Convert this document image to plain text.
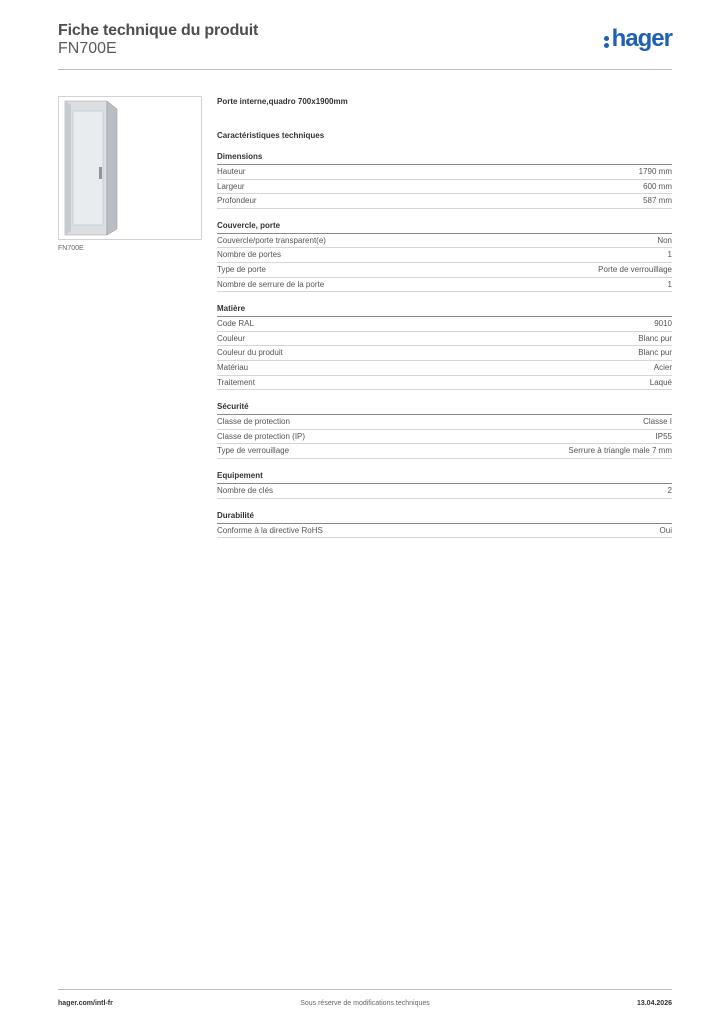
Fiche technique du produit
FN700E	hager
FN700E
Porte interne,quadro 700x1900mm
Caractéristiques techniques
Dimensions
Hauteur	1790 mm
Largeur	600 mm
Profondeur	587 mm
Couvercle, porte
Couvercle/porte transparent(e)	Non
Nombre de portes	1
Type de porte	Porte de verrouillage
Nombre de serrure de la porte	1
Matière
Code RAL	9010
Couleur	Blanc pur
Couleur du produit	Blanc pur
Matériau	Acier
Traitement	Laqué
Sécurité
Classe de protection	Classe I
Classe de protection (IP)	IP55
Type de verrouillage	Serrure à triangle male 7 mm
Equipement
Nombre de clés	2
Durabilité
Conforme à la directive RoHS	Oui
hager.com/intl-fr	Sous réserve de modifications techniques	13.04.2026
